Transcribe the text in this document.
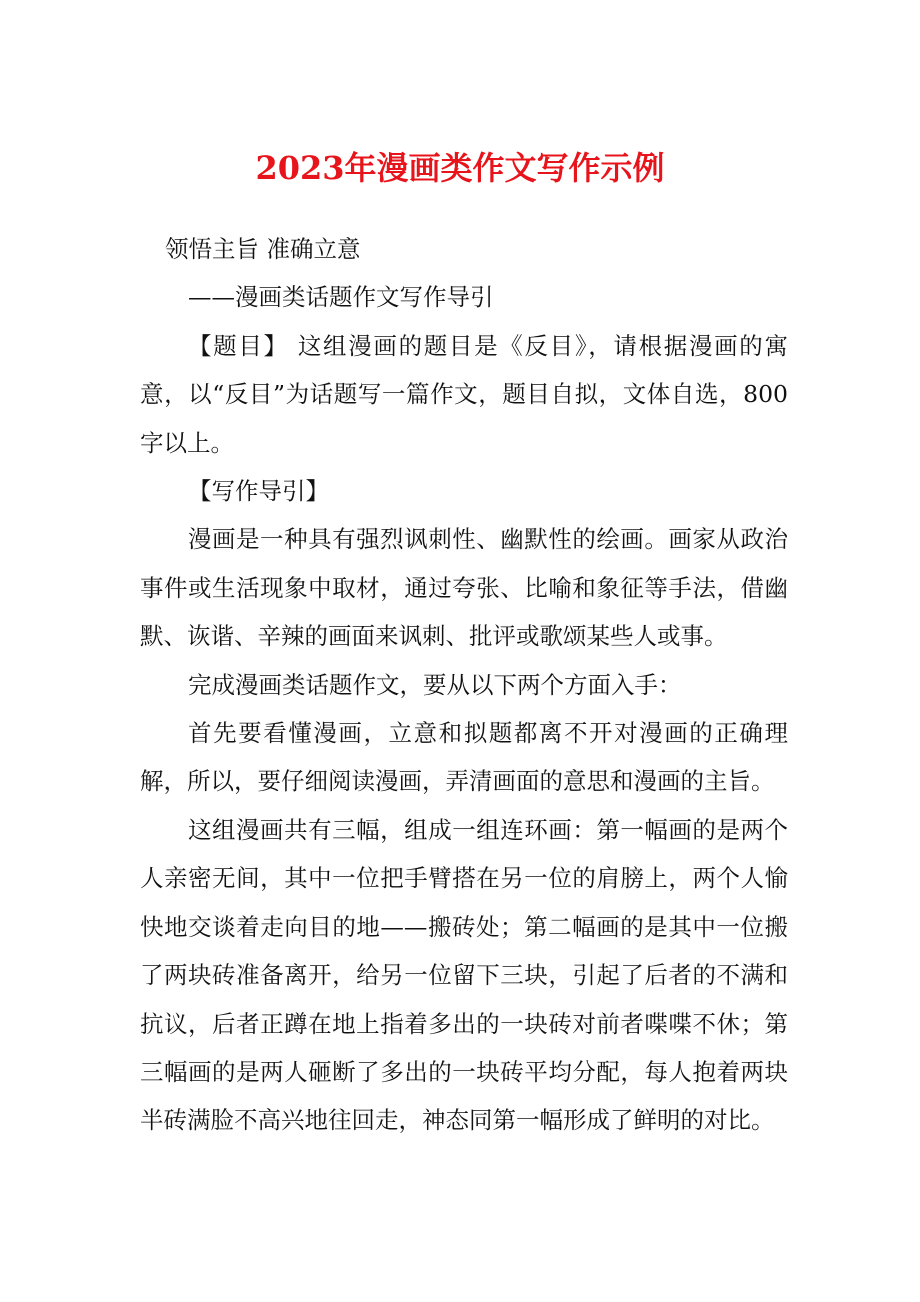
2023年漫画类作文写作示例

领悟主旨 准确立意

——漫画类话题作文写作导引

【题目】 这组漫画的题目是《反目》，请根据漫画的寓意，以“反目”为话题写一篇作文，题目自拟，文体自选，800字以上。

【写作导引】

漫画是一种具有强烈讽刺性、幽默性的绘画。画家从政治事件或生活现象中取材，通过夸张、比喻和象征等手法，借幽默、诙谐、辛辣的画面来讽刺、批评或歌颂某些人或事。

完成漫画类话题作文，要从以下两个方面入手：

首先要看懂漫画，立意和拟题都离不开对漫画的正确理解，所以，要仔细阅读漫画，弄清画面的意思和漫画的主旨。

这组漫画共有三幅，组成一组连环画：第一幅画的是两个人亲密无间，其中一位把手臂搭在另一位的肩膀上，两个人愉快地交谈着走向目的地——搬砖处；第二幅画的是其中一位搬了两块砖准备离开，给另一位留下三块，引起了后者的不满和抗议，后者正蹲在地上指着多出的一块砖对前者喋喋不休；第三幅画的是两人砸断了多出的一块砖平均分配，每人抱着两块半砖满脸不高兴地往回走，神态同第一幅形成了鲜明的对比。
